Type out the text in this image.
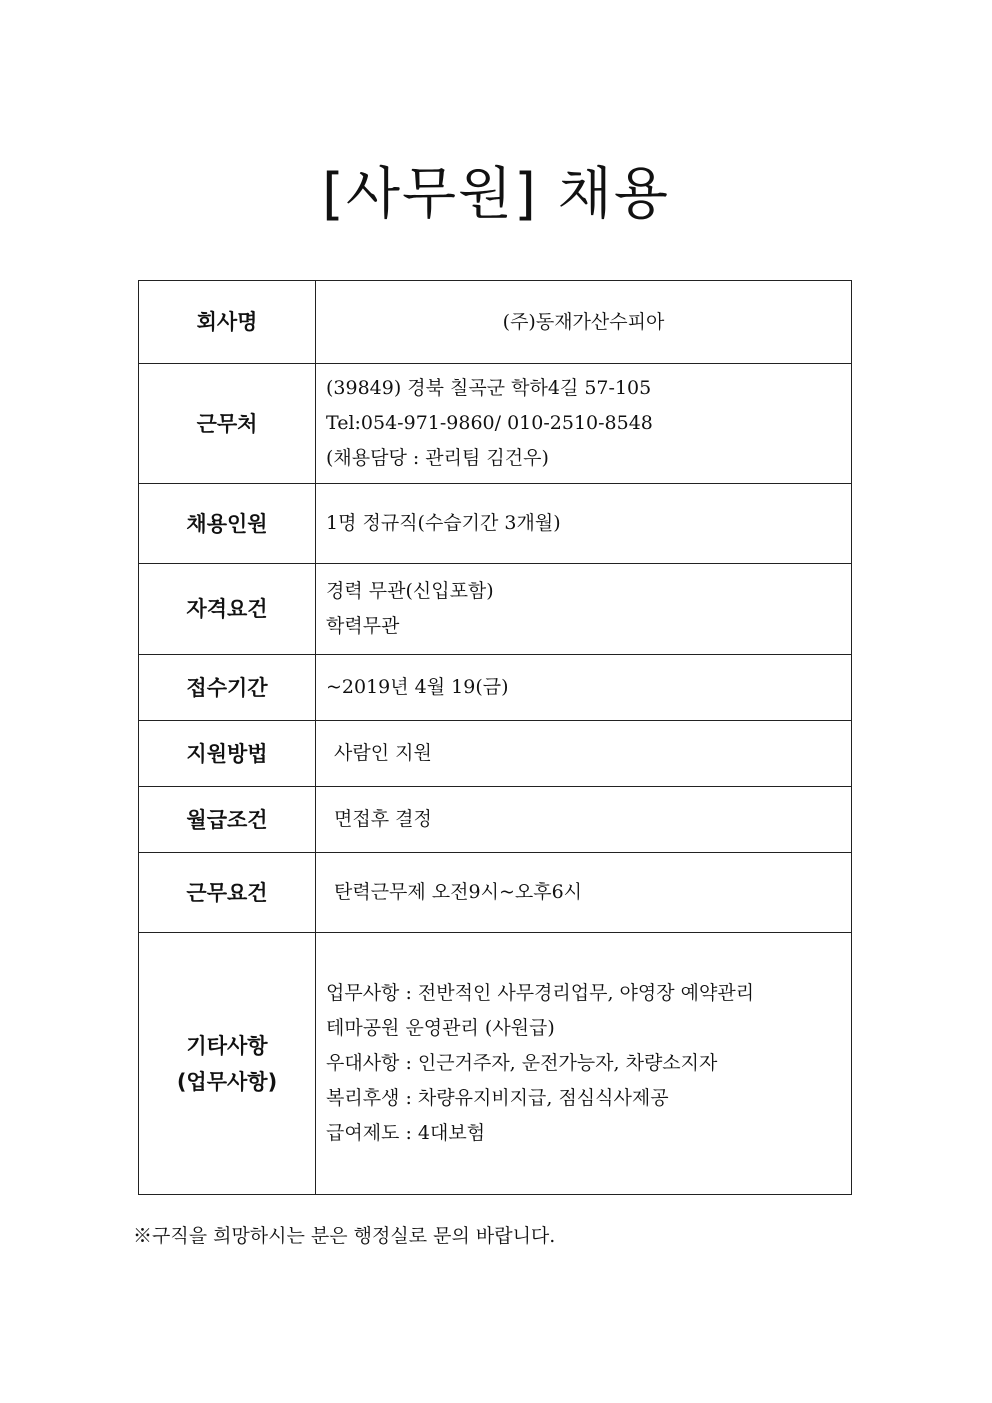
[사무원] 채용
회사명	(주)동재가산수피아

근무처	(39849) 경북 칠곡군 학하4길 57-105
Tel:054-971-9860/ 010-2510-8548
(채용담당 : 관리팀 김건우)

채용인원	1명 정규직(수습기간 3개월)

자격요건	경력 무관(신입포함)
학력무관

접수기간	~2019년 4월 19(금)

지원방법	사람인 지원

월급조건	면접후 결정

근무요건	탄력근무제 오전9시~오후6시

기타사항
(업무사항)	업무사항 : 전반적인 사무경리업무, 야영장 예약관리
테마공원 운영관리 (사원급)
우대사항 : 인근거주자, 운전가능자, 차량소지자
복리후생 : 차량유지비지급, 점심식사제공
급여제도 : 4대보험
※구직을 희망하시는 분은 행정실로 문의 바랍니다.
